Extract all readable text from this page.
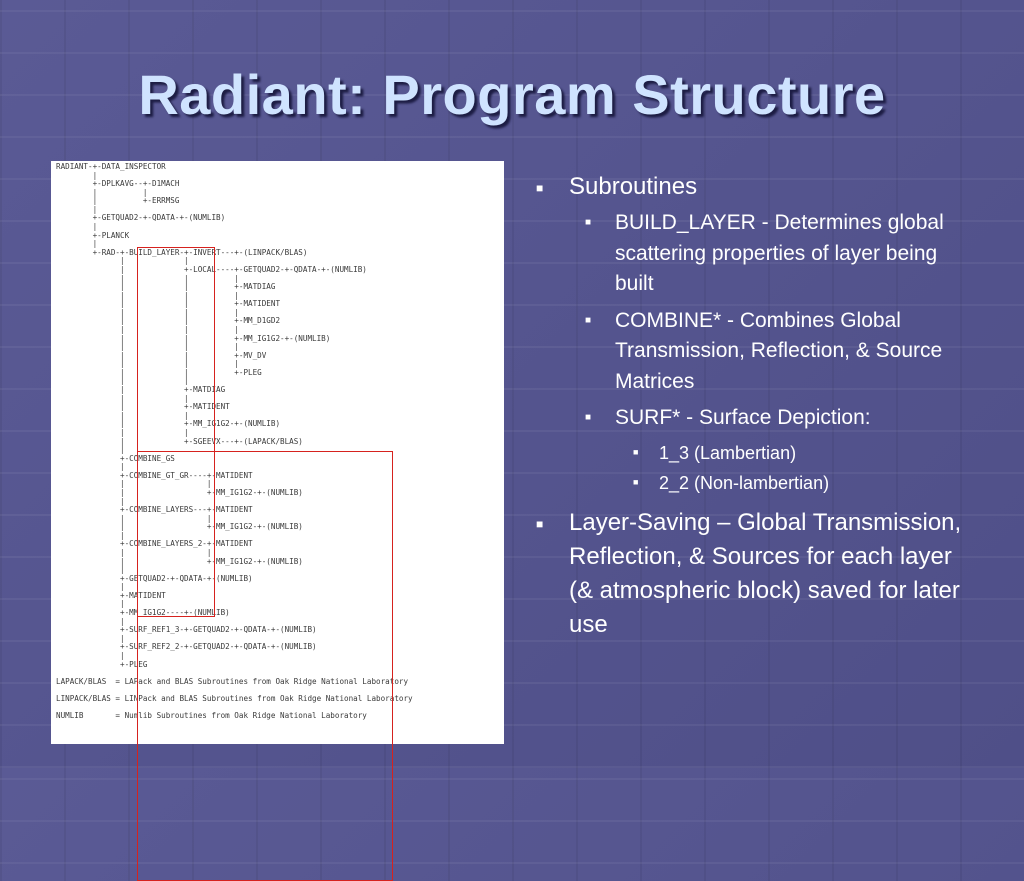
Radiant: Program Structure
RADIANT-+-DATA_INSPECTOR
|
+-DPLKAVG--+-D1MACH
|          |
|          +-ERRMSG
|
+-GETQUAD2-+-QDATA-+-(NUMLIB)
|
+-PLANCK
|
+-RAD-+-BUILD_LAYER-+-INVERT---+-(LINPACK/BLAS)
|             |
|             +-LOCAL----+-GETQUAD2-+-QDATA-+-(NUMLIB)
|             |          |
|             |          +-MATDIAG
|             |          |
|             |          +-MATIDENT
|             |          |
|             |          +-MM_D1GD2
|             |          |
|             |          +-MM_IG1G2-+-(NUMLIB)
|             |          |
|             |          +-MV_DV
|             |          |
|             |          +-PLEG
|             |
|             +-MATDIAG
|             |
|             +-MATIDENT
|             |
|             +-MM_IG1G2-+-(NUMLIB)
|             |
|             +-SGEEVX---+-(LAPACK/BLAS)
|
+-COMBINE_GS
|
+-COMBINE_GT_GR----+-MATIDENT
|                  |
|                  +-MM_IG1G2-+-(NUMLIB)
|
+-COMBINE_LAYERS---+-MATIDENT
|                  |
|                  +-MM_IG1G2-+-(NUMLIB)
|
+-COMBINE_LAYERS_2-+-MATIDENT
|                  |
|                  +-MM_IG1G2-+-(NUMLIB)
|
+-GETQUAD2-+-QDATA-+-(NUMLIB)
|
+-MATIDENT
|
+-MM_IG1G2----+-(NUMLIB)
|
+-SURF_REF1_3-+-GETQUAD2-+-QDATA-+-(NUMLIB)
|
+-SURF_REF2_2-+-GETQUAD2-+-QDATA-+-(NUMLIB)
|
+-PLEG

LAPACK/BLAS  = LAPack and BLAS Subroutines from Oak Ridge National Laboratory

LINPACK/BLAS = LINPack and BLAS Subroutines from Oak Ridge National Laboratory

NUMLIB       = Numlib Subroutines from Oak Ridge National Laboratory
■ Subroutines
■ BUILD_LAYER - Determines global scattering properties of layer being built
■ COMBINE* - Combines Global Transmission, Reflection, & Source Matrices
■ SURF* - Surface Depiction:
■ 1_3 (Lambertian)
■ 2_2 (Non-lambertian)
■ Layer-Saving – Global Transmission, Reflection, & Sources for each layer (& atmospheric block) saved for later use
